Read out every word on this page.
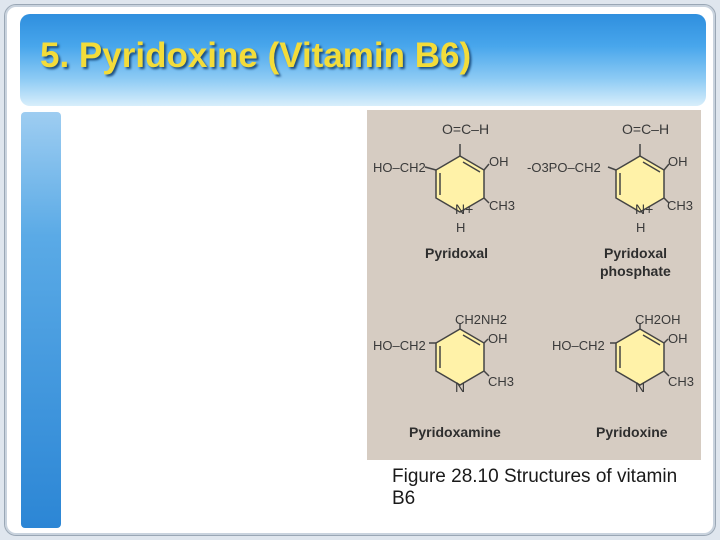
5. Pyridoxine (Vitamin B6)
O=C–H
HO–CH2	OH
CH3
N+
H
Pyridoxal
O=C–H
-O3PO–CH2	OH
CH3
N+
H
Pyridoxal
phosphate
CH2NH2
HO–CH2	OH
CH3
N
Pyridoxamine
CH2OH
HO–CH2	OH
CH3
N
Pyridoxine
Figure 28.10 Structures of vitamin B6
